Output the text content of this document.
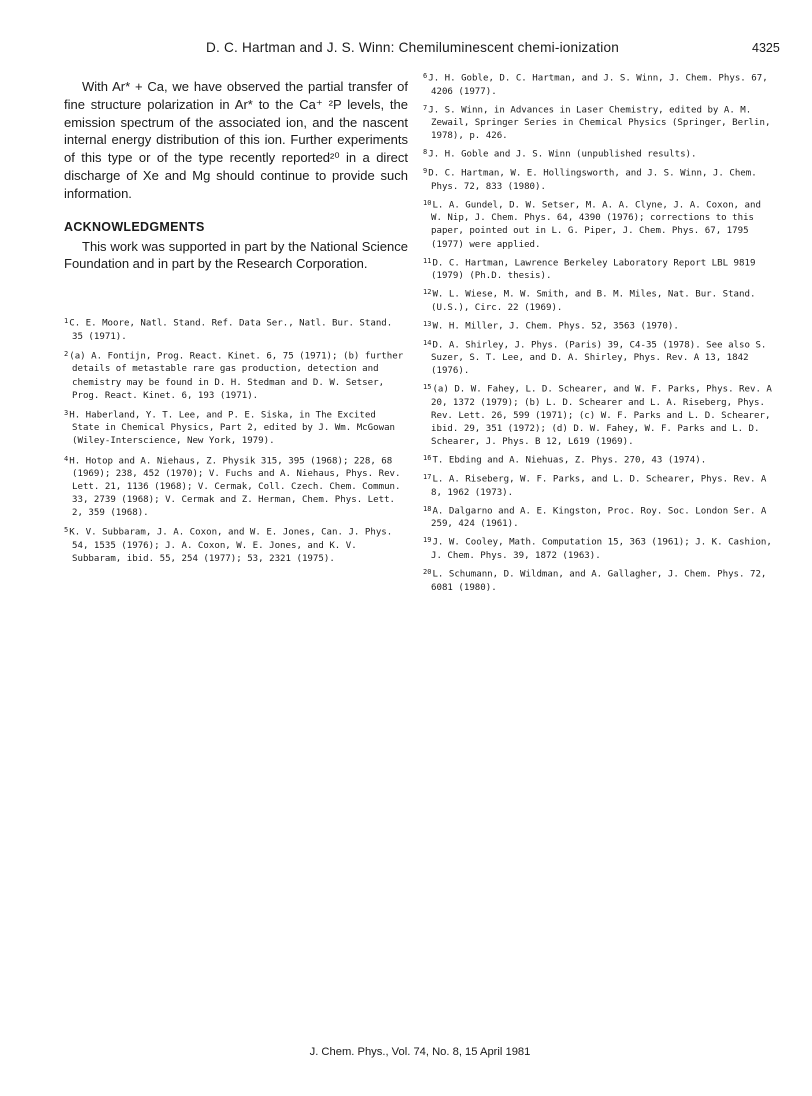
D. C. Hartman and J. S. Winn: Chemiluminescent chemi-ionization	4325

With Ar* + Ca, we have observed the partial transfer of fine structure polarization in Ar* to the Ca⁺ ²P levels, the emission spectrum of the associated ion, and the nascent internal energy distribution of this ion. Further experiments of this type or of the type recently reported²⁰ in a direct discharge of Xe and Mg should continue to provide such information.

ACKNOWLEDGMENTS

This work was supported in part by the National Science Foundation and in part by the Research Corporation.

$^1$C. E. Moore, Natl. Stand. Ref. Data Ser., Natl. Bur. Stand. 35 (1971).
$^2$(a) A. Fontijn, Prog. React. Kinet. 6, 75 (1971); (b) further details of metastable rare gas production, detection and chemistry may be found in D. H. Stedman and D. W. Setser, Prog. React. Kinet. 6, 193 (1971).
$^3$H. Haberland, Y. T. Lee, and P. E. Siska, in The Excited State in Chemical Physics, Part 2, edited by J. Wm. McGowan (Wiley-Interscience, New York, 1979).
$^4$H. Hotop and A. Niehaus, Z. Physik 315, 395 (1968); 228, 68 (1969); 238, 452 (1970); V. Fuchs and A. Niehaus, Phys. Rev. Lett. 21, 1136 (1968); V. Cermak, Coll. Czech. Chem. Commun. 33, 2739 (1968); V. Cermak and Z. Herman, Chem. Phys. Lett. 2, 359 (1968).
$^5$K. V. Subbaram, J. A. Coxon, and W. E. Jones, Can. J. Phys. 54, 1535 (1976); J. A. Coxon, W. E. Jones, and K. V. Subbaram, ibid. 55, 254 (1977); 53, 2321 (1975).
$^6$J. H. Goble, D. C. Hartman, and J. S. Winn, J. Chem. Phys. 67, 4206 (1977).
$^7$J. S. Winn, in Advances in Laser Chemistry, edited by A. M. Zewail, Springer Series in Chemical Physics (Springer, Berlin, 1978), p. 426.
$^8$J. H. Goble and J. S. Winn (unpublished results).
$^9$D. C. Hartman, W. E. Hollingsworth, and J. S. Winn, J. Chem. Phys. 72, 833 (1980).
$^{10}$L. A. Gundel, D. W. Setser, M. A. A. Clyne, J. A. Coxon, and W. Nip, J. Chem. Phys. 64, 4390 (1976); corrections to this paper, pointed out in L. G. Piper, J. Chem. Phys. 67, 1795 (1977) were applied.
$^{11}$D. C. Hartman, Lawrence Berkeley Laboratory Report LBL 9819 (1979) (Ph.D. thesis).
$^{12}$W. L. Wiese, M. W. Smith, and B. M. Miles, Nat. Bur. Stand. (U.S.), Circ. 22 (1969).
$^{13}$W. H. Miller, J. Chem. Phys. 52, 3563 (1970).
$^{14}$D. A. Shirley, J. Phys. (Paris) 39, C4-35 (1978). See also S. Suzer, S. T. Lee, and D. A. Shirley, Phys. Rev. A 13, 1842 (1976).
$^{15}$(a) D. W. Fahey, L. D. Schearer, and W. F. Parks, Phys. Rev. A 20, 1372 (1979); (b) L. D. Schearer and L. A. Riseberg, Phys. Rev. Lett. 26, 599 (1971); (c) W. F. Parks and L. D. Schearer, ibid. 29, 351 (1972); (d) D. W. Fahey, W. F. Parks and L. D. Schearer, J. Phys. B 12, L619 (1969).
$^{16}$T. Ebding and A. Niehuas, Z. Phys. 270, 43 (1974).
$^{17}$L. A. Riseberg, W. F. Parks, and L. D. Schearer, Phys. Rev. A 8, 1962 (1973).
$^{18}$A. Dalgarno and A. E. Kingston, Proc. Roy. Soc. London Ser. A 259, 424 (1961).
$^{19}$J. W. Cooley, Math. Computation 15, 363 (1961); J. K. Cashion, J. Chem. Phys. 39, 1872 (1963).
$^{20}$L. Schumann, D. Wildman, and A. Gallagher, J. Chem. Phys. 72, 6081 (1980).
J. Chem. Phys., Vol. 74, No. 8, 15 April 1981
